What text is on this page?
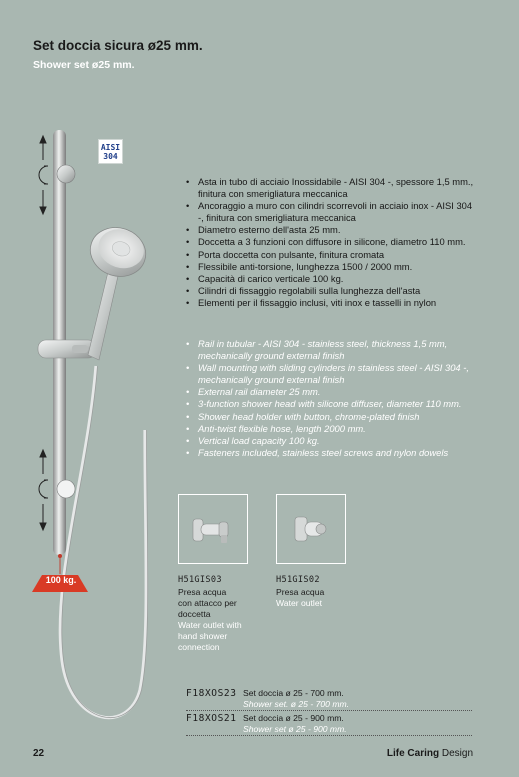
Set doccia sicura ø25 mm.
Shower set ø25 mm.
100 kg.
AISI
304
• Asta in tubo di acciaio Inossidabile - AISI 304 -, spessore 1,5 mm., finitura con smerigliatura meccanica
• Ancoraggio a muro con cilindri scorrevoli in acciaio inox - AISI 304 -, finitura con smerigliatura meccanica
• Diametro esterno dell'asta 25 mm.
• Doccetta a 3 funzioni con diffusore in silicone, diametro 110 mm.
• Porta doccetta con pulsante, finitura cromata
• Flessibile anti-torsione, lunghezza 1500 / 2000 mm.
• Capacità di carico verticale 100 kg.
• Cilindri di fissaggio regolabili sulla lunghezza dell'asta
• Elementi per il fissaggio inclusi, viti inox e tasselli in nylon
• Rail in tubular - AISI 304 - stainless steel, thickness 1,5 mm, mechanically ground external finish
• Wall mounting with sliding cylinders in stainless steel - AISI 304 -, mechanically ground external finish
• External rail diameter 25 mm.
• 3-function shower head with silicone diffuser, diameter 110 mm.
• Shower head holder with button, chrome-plated finish
• Anti-twist flexible hose, length 2000 mm.
• Vertical load capacity 100 kg.
• Fasteners included, stainless steel screws and nylon dowels
H51GIS03
Presa acqua
con attacco per
doccetta
Water outlet with
hand shower
connection
H51GIS02
Presa acqua
Water outlet
F18XOS23 Set doccia ø 25 - 700 mm.
Shower set. ø 25 - 700 mm.
F18XOS21 Set doccia ø 25 - 900 mm.
Shower set ø 25 - 900 mm.
22	Life Caring Design
